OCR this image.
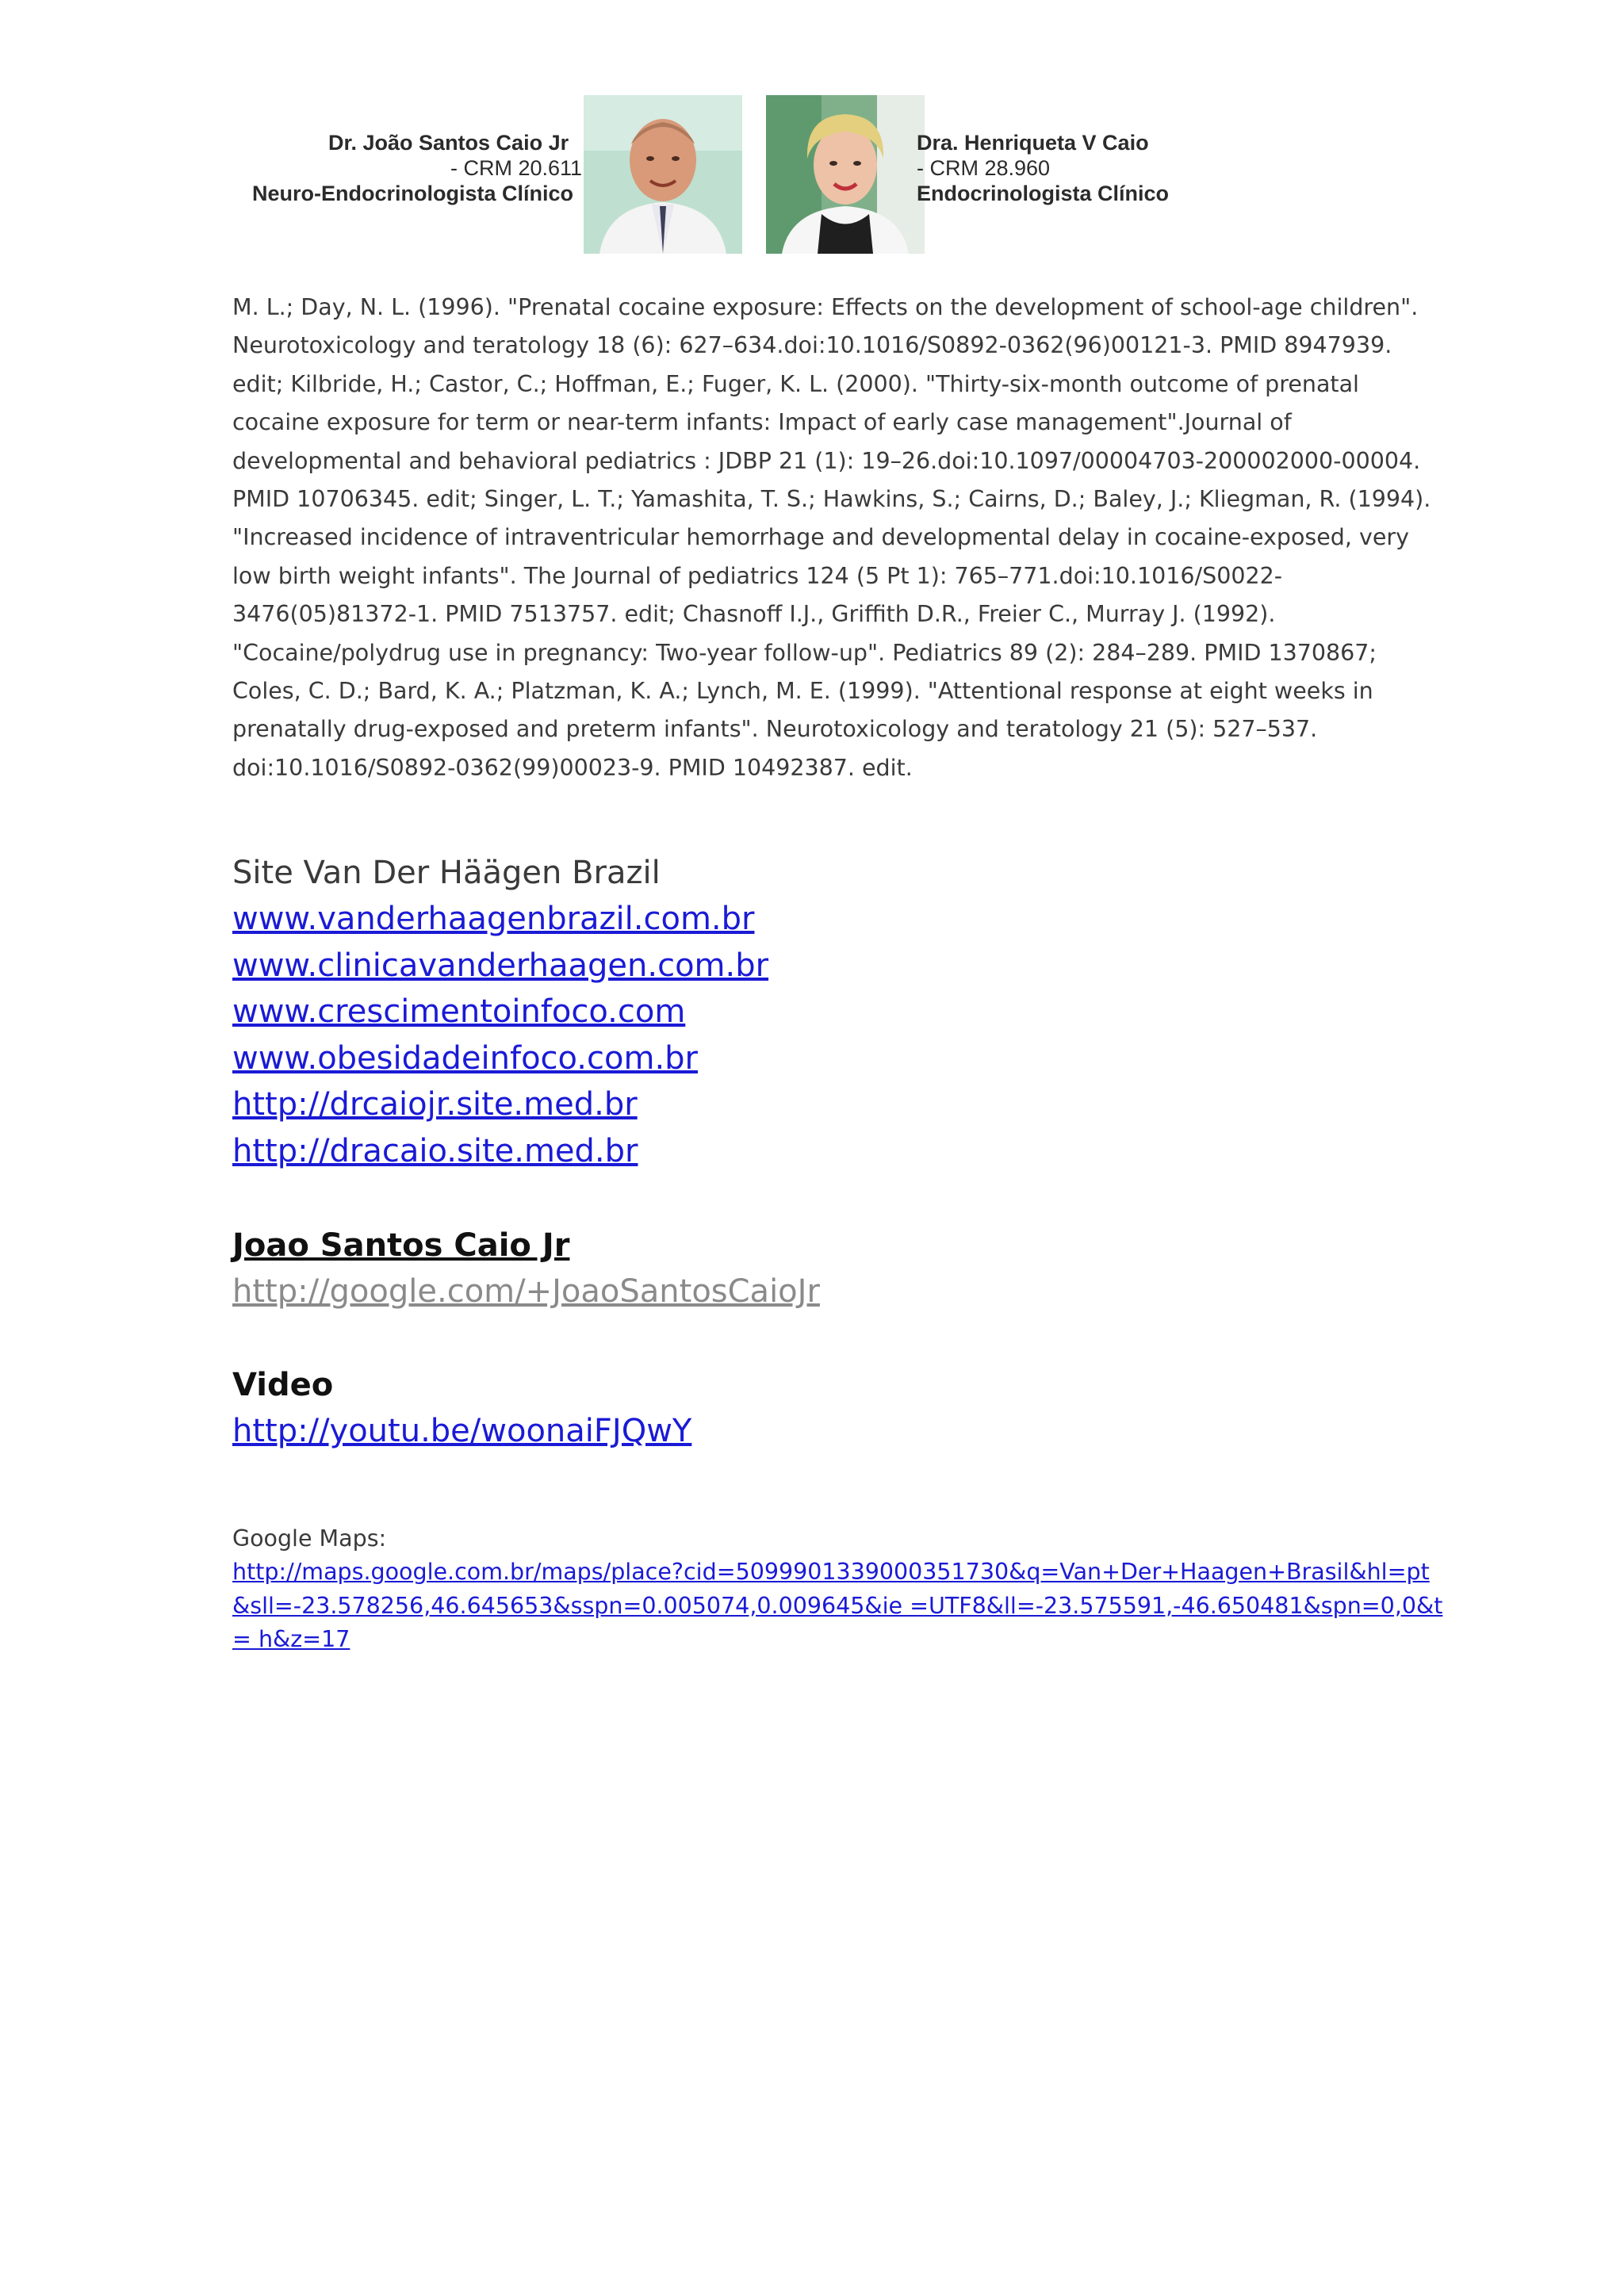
Dr. João Santos Caio Jr
- CRM 20.611
Neuro-Endocrinologista Clínico
Dra. Henriqueta V Caio
- CRM 28.960
Endocrinologista Clínico

M. L.; Day, N. L. (1996). "Prenatal cocaine exposure: Effects on the development of school-age children".

Neurotoxicology and teratology 18 (6): 627–634.doi:10.1016/S0892-0362(96)00121-3. PMID 8947939.

edit; Kilbride, H.; Castor, C.; Hoffman, E.; Fuger, K. L. (2000). "Thirty-six-month outcome of prenatal

cocaine exposure for term or near-term infants: Impact of early case management".Journal of

developmental and behavioral pediatrics : JDBP 21 (1): 19–26.doi:10.1097/00004703-200002000-00004.

PMID 10706345. edit; Singer, L. T.; Yamashita, T. S.; Hawkins, S.; Cairns, D.; Baley, J.; Kliegman, R. (1994).

"Increased incidence of intraventricular hemorrhage and developmental delay in cocaine-exposed, very

low birth weight infants". The Journal of pediatrics 124 (5 Pt 1): 765–771.doi:10.1016/S0022-

3476(05)81372-1. PMID 7513757. edit; Chasnoff I.J., Griffith D.R., Freier C., Murray J. (1992).

"Cocaine/polydrug use in pregnancy: Two-year follow-up". Pediatrics 89 (2): 284–289. PMID 1370867;

Coles, C. D.; Bard, K. A.; Platzman, K. A.; Lynch, M. E. (1999). "Attentional response at eight weeks in

prenatally drug-exposed and preterm infants". Neurotoxicology and teratology 21 (5): 527–537.

doi:10.1016/S0892-0362(99)00023-9. PMID 10492387. edit.

Site Van Der Häägen Brazil

www.vanderhaagenbrazil.com.br
www.clinicavanderhaagen.com.br
www.crescimentoinfoco.com
www.obesidadeinfoco.com.br
http://drcaiojr.site.med.br
http://dracaio.site.med.br

Joao Santos Caio Jr

http://google.com/+JoaoSantosCaioJr

Video

http://youtu.be/woonaiFJQwY

Google Maps:

http://maps.google.com.br/maps/place?cid=5099901339000351730&q=Van+Der+Haagen+Brasil&hl=pt
&sll=-23.578256,46.645653&sspn=0.005074,0.009645&ie =UTF8&ll=-23.575591,-46.650481&spn=0,0&t
= h&z=17
